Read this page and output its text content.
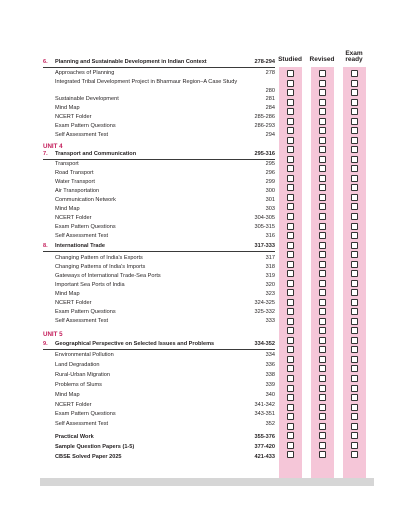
Studied	Revised
Exam
ready
6. Planning and Sustainable Development in Indian Context	278-294
Approaches of Planning	278
Integrated Tribal Development Project in Bharmaur Region–A Case Study
280
Sustainable Development	281
Mind Map	284
NCERT Folder	285-286
Exam Pattern Questions	286-293
Self Assessment Test	294
UNIT 4
7. Transport and Communication	295-316
Transport	295
Road Transport	296
Water Transport	299
Air Transportation	300
Communication Network	301
Mind Map	303
NCERT Folder	304-305
Exam Pattern Questions	305-315
Self Assessment Test	316
8. International Trade	317-333
Changing Pattern of India's Exports	317
Changing Patterns of India's Imports	318
Gateways of International Trade-Sea Ports	319
Important Sea Ports of India	320
Mind Map	323
NCERT Folder	324-325
Exam Pattern Questions	325-332
Self Assessment Test	333
UNIT 5
9. Geographical Perspective on Selected Issues and Problems	334-352
Environmental Pollution	334
Land Degradation	336
Rural-Urban Migration	338
Problems of Slums	339
Mind Map	340
NCERT Folder	341-342
Exam Pattern Questions	343-351
Self Assessment Test	352
Practical Work	355-376
Sample Question Papers (1-5)	377-420
CBSE Solved Paper 2025	421-433
